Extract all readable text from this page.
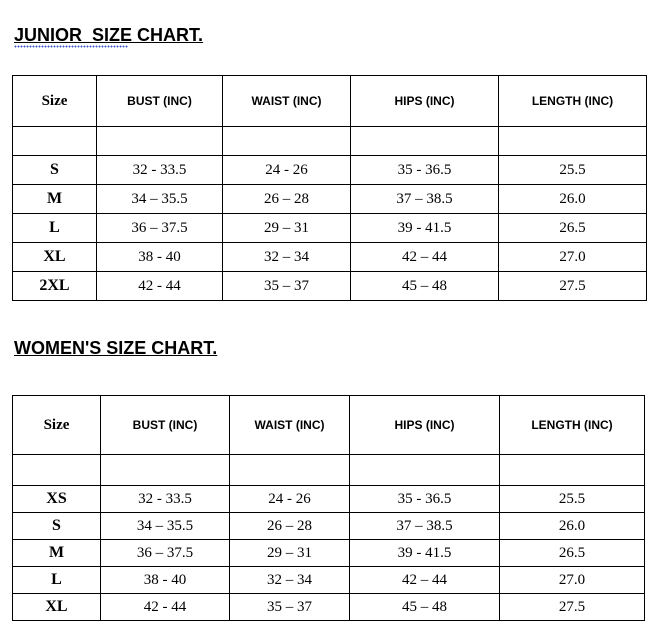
JUNIOR  SIZE CHART.
Size	BUST (INC)	WAIST (INC)	HIPS (INC)	LENGTH (INC)

S	32 - 33.5	24 - 26	35 - 36.5	25.5
M	34 – 35.5	26 – 28	37 – 38.5	26.0
L	36 – 37.5	29 – 31	39 - 41.5	26.5
XL	38 - 40	32 – 34	42 – 44	27.0
2XL	42 - 44	35 – 37	45 – 48	27.5
WOMEN'S SIZE CHART.
Size	BUST (INC)	WAIST (INC)	HIPS (INC)	LENGTH (INC)

XS	32 - 33.5	24 - 26	35 - 36.5	25.5
S	34 – 35.5	26 – 28	37 – 38.5	26.0
M	36 – 37.5	29 – 31	39 - 41.5	26.5
L	38 - 40	32 – 34	42 – 44	27.0
XL	42 - 44	35 – 37	45 – 48	27.5
